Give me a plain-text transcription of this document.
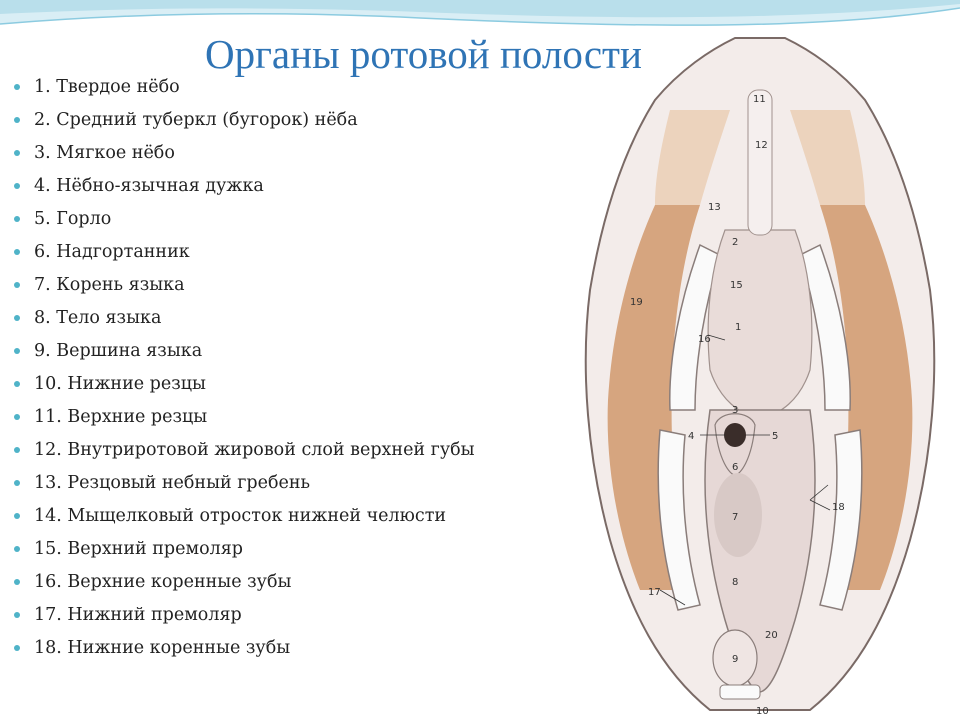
Органы ротовой полости
1. Твердое нёбо
2. Средний туберкл (бугорок) нёба
3. Мягкое нёбо
4. Нёбно-язычная дужка
5. Горло
6. Надгортанник
7. Корень языка
8. Тело языка
9. Вершина языка
10. Нижние резцы
11. Верхние резцы
12. Внутриротовой жировой слой верхней губы
13. Резцовый небный гребень
14. Мыщелковый отросток нижней челюсти
15. Верхний премоляр
16. Верхние коренные зубы
17. Нижний премоляр
18. Нижние коренные зубы
1
2
3
4	5
6
7
8
9
10
11
12
13
15
16
17
18
19
20
